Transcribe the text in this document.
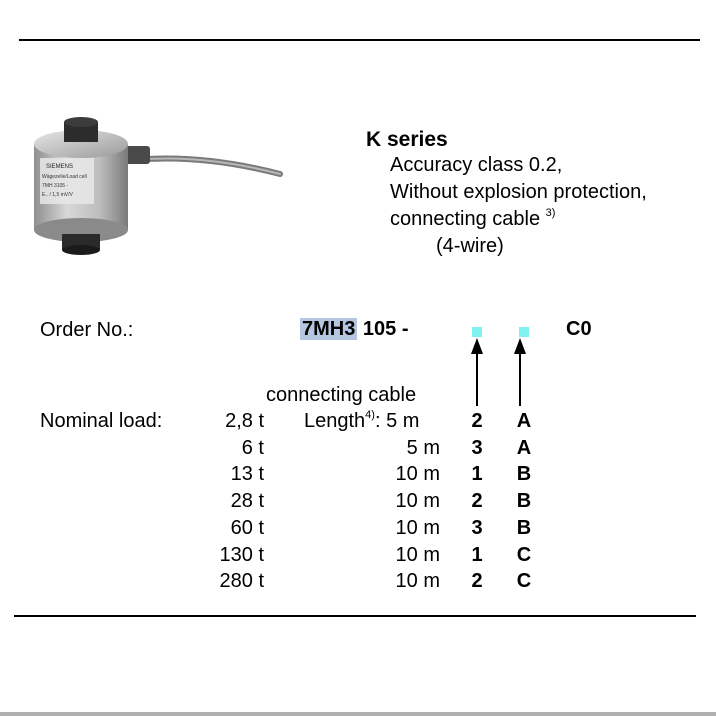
SIEMENS
Wägezelle/Load cell
7MH 3105 -
E.. / 1,5 mV/V
K series
Accuracy class 0.2,
Without explosion protection,
connecting cable $^{3)}$
(4-wire)
Order No.:	7MH3 105 -	C0
connecting cable
Nominal load:	2,8 t Length$^{4)}$: 5 m	2 A
6 t	5 m 3 A
13 t	10 m 1 B
28 t	10 m 2 B
60 t	10 m 3 B
130 t	10 m 1 C
280 t	10 m 2 C
